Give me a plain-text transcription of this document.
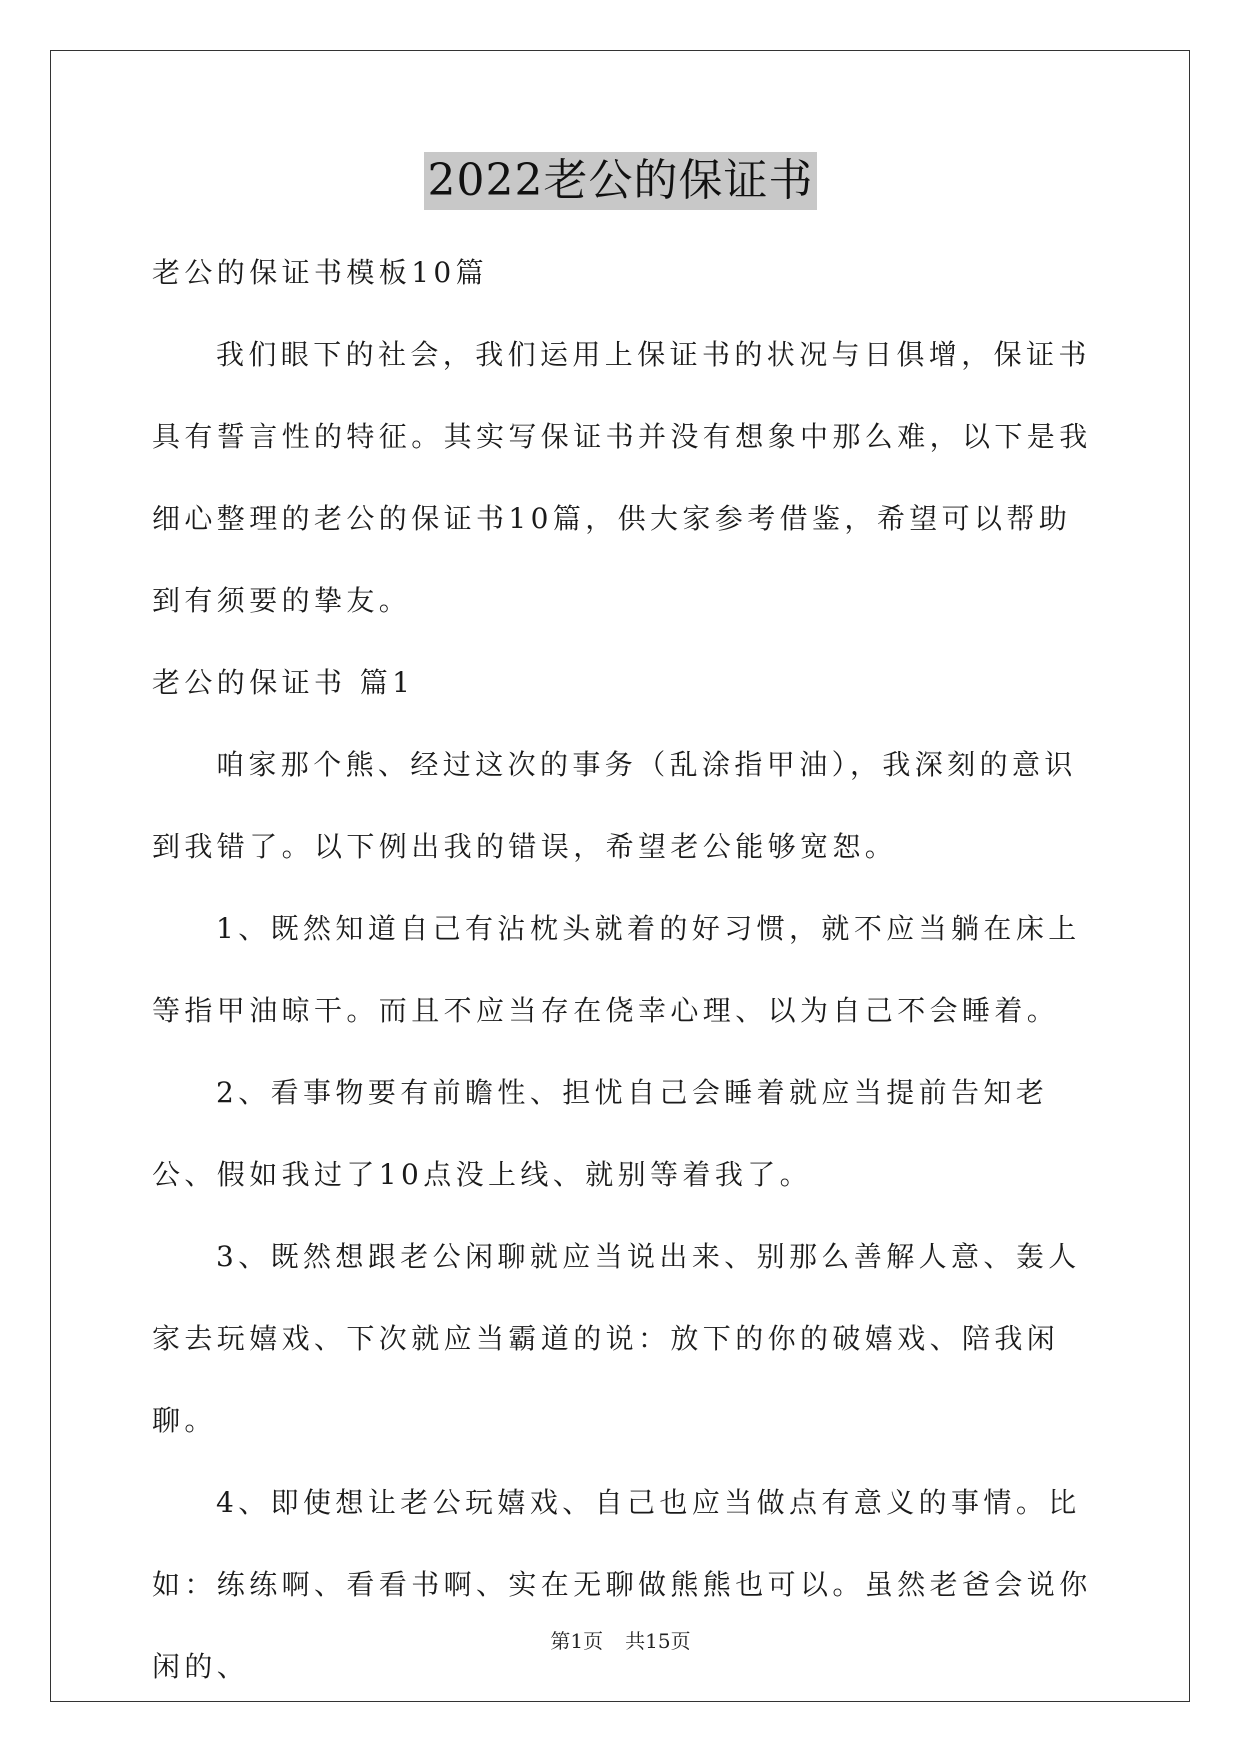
2022老公的保证书

老公的保证书模板10篇

我们眼下的社会，我们运用上保证书的状况与日俱增，保证书具有誓言性的特征。其实写保证书并没有想象中那么难，以下是我细心整理的老公的保证书10篇，供大家参考借鉴，希望可以帮助到有须要的挚友。

老公的保证书 篇1

咱家那个熊、经过这次的事务（乱涂指甲油），我深刻的意识到我错了。以下例出我的错误，希望老公能够宽恕。

1、既然知道自己有沾枕头就着的好习惯，就不应当躺在床上等指甲油晾干。而且不应当存在侥幸心理、以为自己不会睡着。

2、看事物要有前瞻性、担忧自己会睡着就应当提前告知老公、假如我过了10点没上线、就别等着我了。

3、既然想跟老公闲聊就应当说出来、别那么善解人意、轰人家去玩嬉戏、下次就应当霸道的说：放下的你的破嬉戏、陪我闲聊。

4、即使想让老公玩嬉戏、自己也应当做点有意义的事情。比如：练练啊、看看书啊、实在无聊做熊熊也可以。虽然老爸会说你闲的、

第1页 共15页
